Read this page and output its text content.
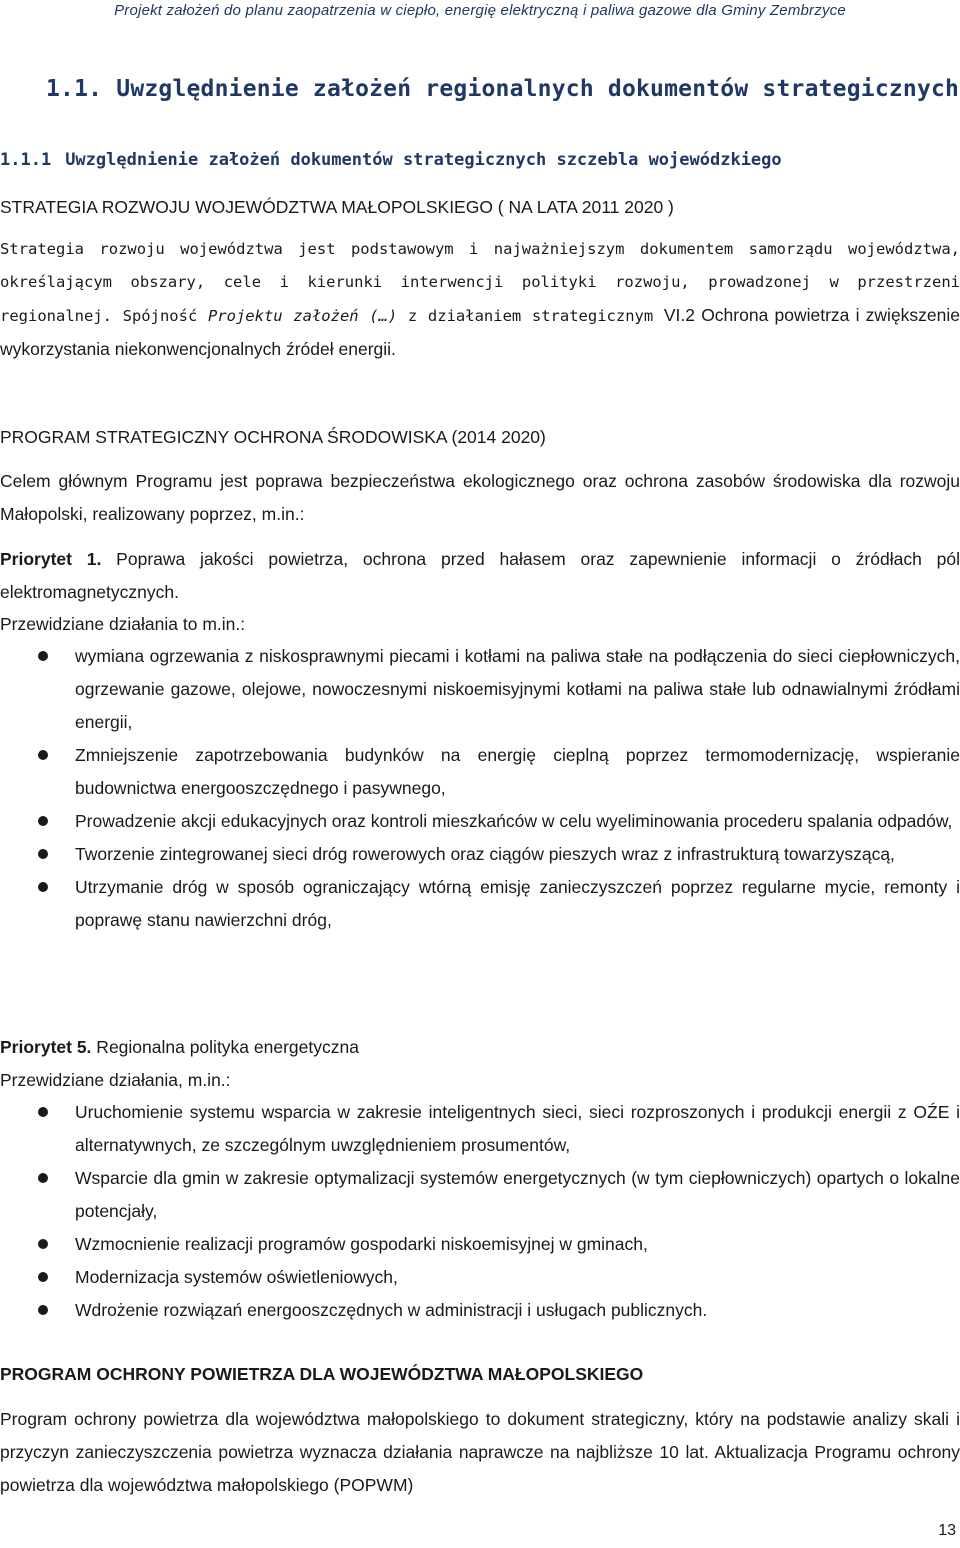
Projekt założeń do planu zaopatrzenia w ciepło, energię elektryczną i paliwa gazowe dla Gminy Zembrzyce
1.1. Uwzględnienie założeń regionalnych dokumentów strategicznych
1.1.1 Uwzględnienie założeń dokumentów strategicznych szczebla wojewódzkiego
STRATEGIA ROZWOJU WOJEWÓDZTWA MAŁOPOLSKIEGO ( NA LATA 2011 2020 )

Strategia rozwoju województwa jest podstawowym i najważniejszym dokumentem samorządu województwa, określającym obszary, cele i kierunki interwencji polityki rozwoju, prowadzonej w przestrzeni regionalnej. Spójność Projektu założeń (…) z działaniem strategicznym VI.2 Ochrona powietrza i zwiększenie wykorzystania niekonwencjonalnych źródeł energii.

PROGRAM STRATEGICZNY OCHRONA ŚRODOWISKA (2014 2020)

Celem głównym Programu jest poprawa bezpieczeństwa ekologicznego oraz ochrona zasobów środowiska dla rozwoju Małopolski, realizowany poprzez, m.in.:

Priorytet 1. Poprawa jakości powietrza, ochrona przed hałasem oraz zapewnienie informacji o źródłach pól elektromagnetycznych.

Przewidziane działania to m.in.:

wymiana ogrzewania z niskosprawnymi piecami i kotłami na paliwa stałe na podłączenia do sieci ciepłowniczych, ogrzewanie gazowe, olejowe, nowoczesnymi niskoemisyjnymi kotłami na paliwa stałe lub odnawialnymi źródłami energii,
Zmniejszenie zapotrzebowania budynków na energię cieplną poprzez termomodernizację, wspieranie budownictwa energooszczędnego i pasywnego,
Prowadzenie akcji edukacyjnych oraz kontroli mieszkańców w celu wyeliminowania procederu spalania odpadów,
Tworzenie zintegrowanej sieci dróg rowerowych oraz ciągów pieszych wraz z infrastrukturą towarzyszącą,
Utrzymanie dróg w sposób ograniczający wtórną emisję zanieczyszczeń poprzez regularne mycie, remonty i poprawę stanu nawierzchni dróg,

Priorytet 5. Regionalna polityka energetyczna

Przewidziane działania, m.in.:

Uruchomienie systemu wsparcia w zakresie inteligentnych sieci, sieci rozproszonych i produkcji energii z OŹE i alternatywnych, ze szczególnym uwzględnieniem prosumentów,
Wsparcie dla gmin w zakresie optymalizacji systemów energetycznych (w tym ciepłowniczych) opartych o lokalne potencjały,
Wzmocnienie realizacji programów gospodarki niskoemisyjnej w gminach,
Modernizacja systemów oświetleniowych,
Wdrożenie rozwiązań energooszczędnych w administracji i usługach publicznych.
PROGRAM OCHRONY POWIETRZA DLA WOJEWÓDZTWA MAŁOPOLSKIEGO

Program ochrony powietrza dla województwa małopolskiego to dokument strategiczny, który na podstawie analizy skali i przyczyn zanieczyszczenia powietrza wyznacza działania naprawcze na najbliższe 10 lat. Aktualizacja Programu ochrony powietrza dla województwa małopolskiego (POPWM)

13
